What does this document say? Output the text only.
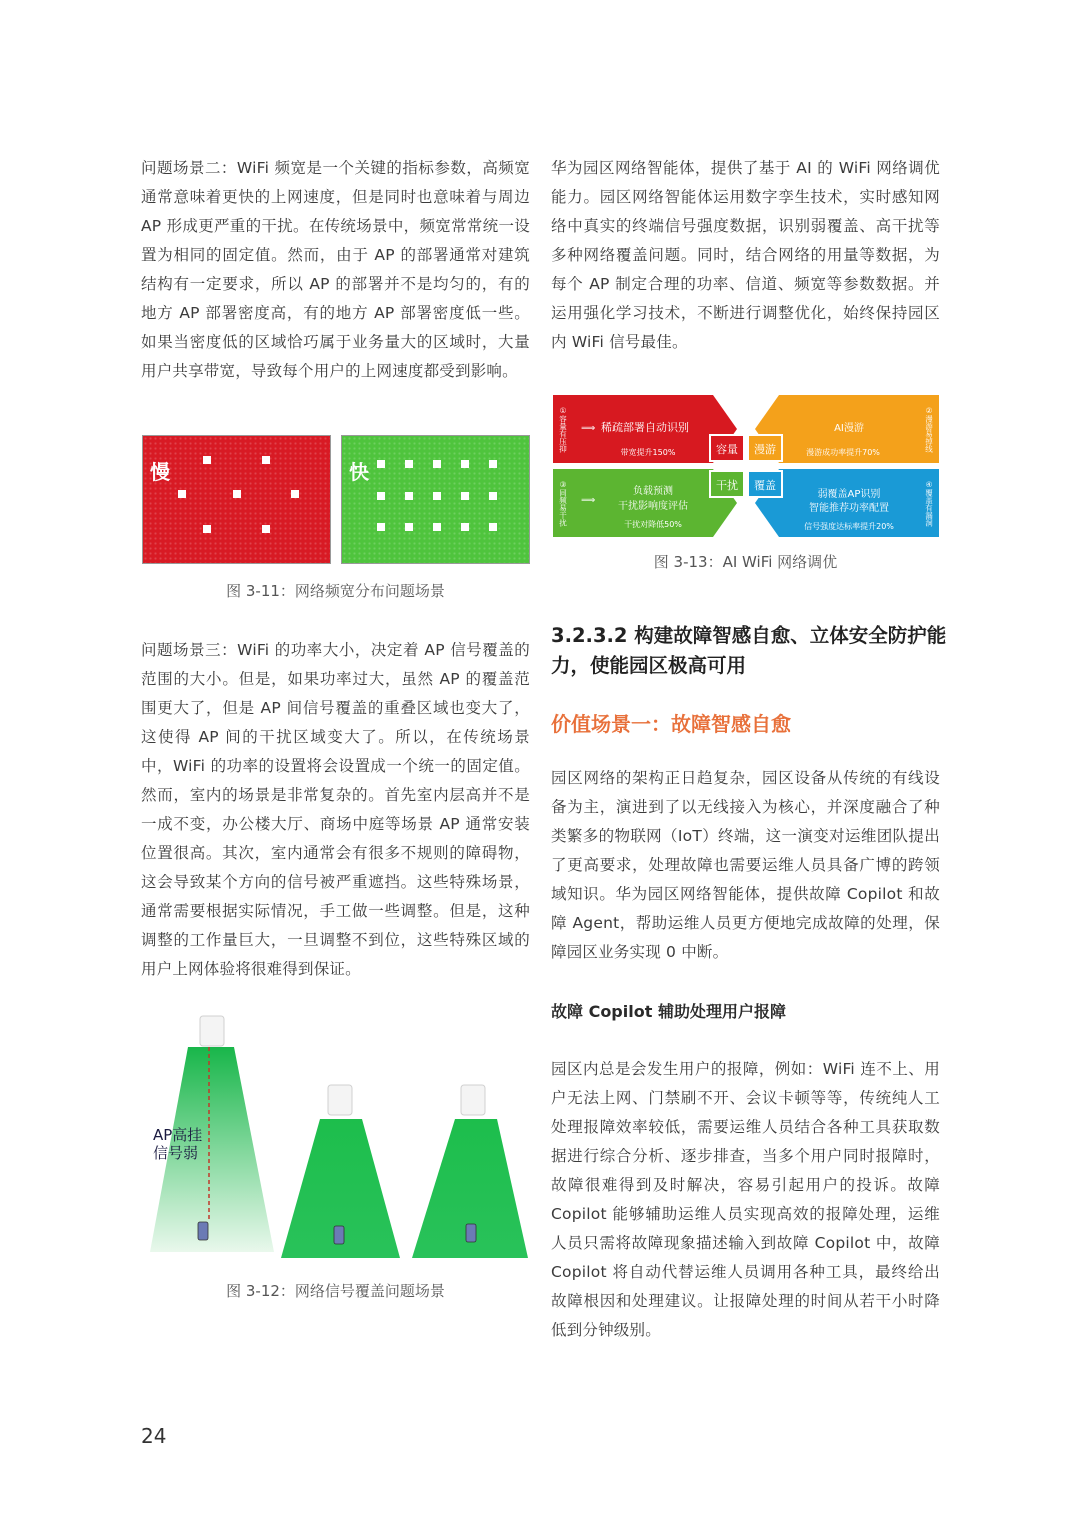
问题场景二：WiFi 频宽是一个关键的指标参数，高频宽通常意味着更快的上网速度，但是同时也意味着与周边 AP 形成更严重的干扰。在传统场景中，频宽常常统一设置为相同的固定值。然而，由于 AP 的部署通常对建筑结构有一定要求，所以 AP 的部署并不是均匀的，有的地方 AP 部署密度高，有的地方 AP 部署密度低一些。如果当密度低的区域恰巧属于业务量大的区域时，大量用户共享带宽，导致每个用户的上网速度都受到影响。

慢	快

图 3-11：网络频宽分布问题场景

问题场景三：WiFi 的功率大小，决定着 AP 信号覆盖的范围的大小。但是，如果功率过大，虽然 AP 的覆盖范围更大了，但是 AP 间信号覆盖的重叠区域也变大了，这使得 AP 间的干扰区域变大了。所以，在传统场景中，WiFi 的功率的设置将会设置成一个统一的固定值。然而，室内的场景是非常复杂的。首先室内层高并不是一成不变，办公楼大厅、商场中庭等场景 AP 通常安装位置很高。其次，室内通常会有很多不规则的障碍物，这会导致某个方向的信号被严重遮挡。这些特殊场景，通常需要根据实际情况，手工做一些调整。但是，这种调整的工作量巨大，一旦调整不到位，这些特殊区域的用户上网体验将很难得到保证。

AP高挂
信号弱

图 3-12：网络信号覆盖问题场景

华为园区网络智能体，提供了基于 AI 的 WiFi 网络调优能力。园区网络智能体运用数字孪生技术，实时感知网络中真实的终端信号强度数据，识别弱覆盖、高干扰等多种网络覆盖问题。同时，结合网络的用量等数据，为每个 AP 制定合理的功率、信道、频宽等参数数据。并运用强化学习技术，不断进行调整优化，始终保持园区内 WiFi 信号最佳。

①容量有压抑	②漫游易掉线
③同频易干扰	④覆盖有漏洞
⟹ 稀疏部署自动识别
带宽提升150%
AI漫游
漫游成功率提升70%
⟹
负载预测
干扰影响度评估
干扰对降低50%
弱覆盖AP识别
智能推荐功率配置
信号强度达标率提升20%
容量 漫游
干扰 覆盖

图 3-13：AI WiFi 网络调优

3.2.3.2 构建故障智感自愈、立体安全防护能力，使能园区极高可用
价值场景一：故障智感自愈

园区网络的架构正日趋复杂，园区设备从传统的有线设备为主，演进到了以无线接入为核心，并深度融合了种类繁多的物联网（IoT）终端，这一演变对运维团队提出了更高要求，处理故障也需要运维人员具备广博的跨领域知识。华为园区网络智能体，提供故障 Copilot 和故障 Agent，帮助运维人员更方便地完成故障的处理，保障园区业务实现 0 中断。

故障 Copilot 辅助处理用户报障

园区内总是会发生用户的报障，例如：WiFi 连不上、用户无法上网、门禁刷不开、会议卡顿等等，传统纯人工处理报障效率较低，需要运维人员结合各种工具获取数据进行综合分析、逐步排查，当多个用户同时报障时，故障很难得到及时解决，容易引起用户的投诉。故障 Copilot 能够辅助运维人员实现高效的报障处理，运维人员只需将故障现象描述输入到故障 Copilot 中，故障 Copilot 将自动代替运维人员调用各种工具，最终给出故障根因和处理建议。让报障处理的时间从若干小时降低到分钟级别。

24
